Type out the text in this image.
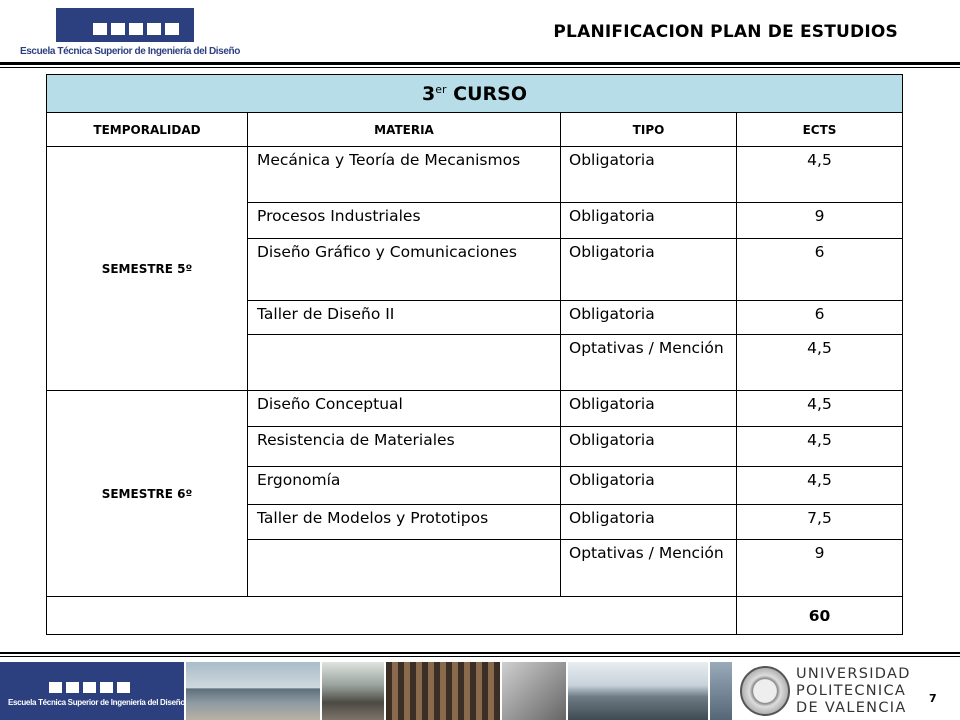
Escuela Técnica Superior de Ingeniería del Diseño
PLANIFICACION PLAN DE ESTUDIOS
3er CURSO			
TEMPORALIDAD	MATERIA	TIPO	ECTS
SEMESTRE 5º	Mecánica y Teoría de Mecanismos	Obligatoria	4,5
	Procesos Industriales	Obligatoria	9
	Diseño Gráfico y Comunicaciones	Obligatoria	6
	Taller de Diseño II	Obligatoria	6
		Optativas / Mención	4,5
SEMESTRE 6º	Diseño Conceptual	Obligatoria	4,5
	Resistencia de Materiales	Obligatoria	4,5
	Ergonomía	Obligatoria	4,5
	Taller de Modelos y Prototipos	Obligatoria	7,5
		Optativas / Mención	9
			60
Escuela Técnica Superior de Ingeniería del Diseño
UNIVERSIDAD
POLITECNICA
DE VALENCIA
7
